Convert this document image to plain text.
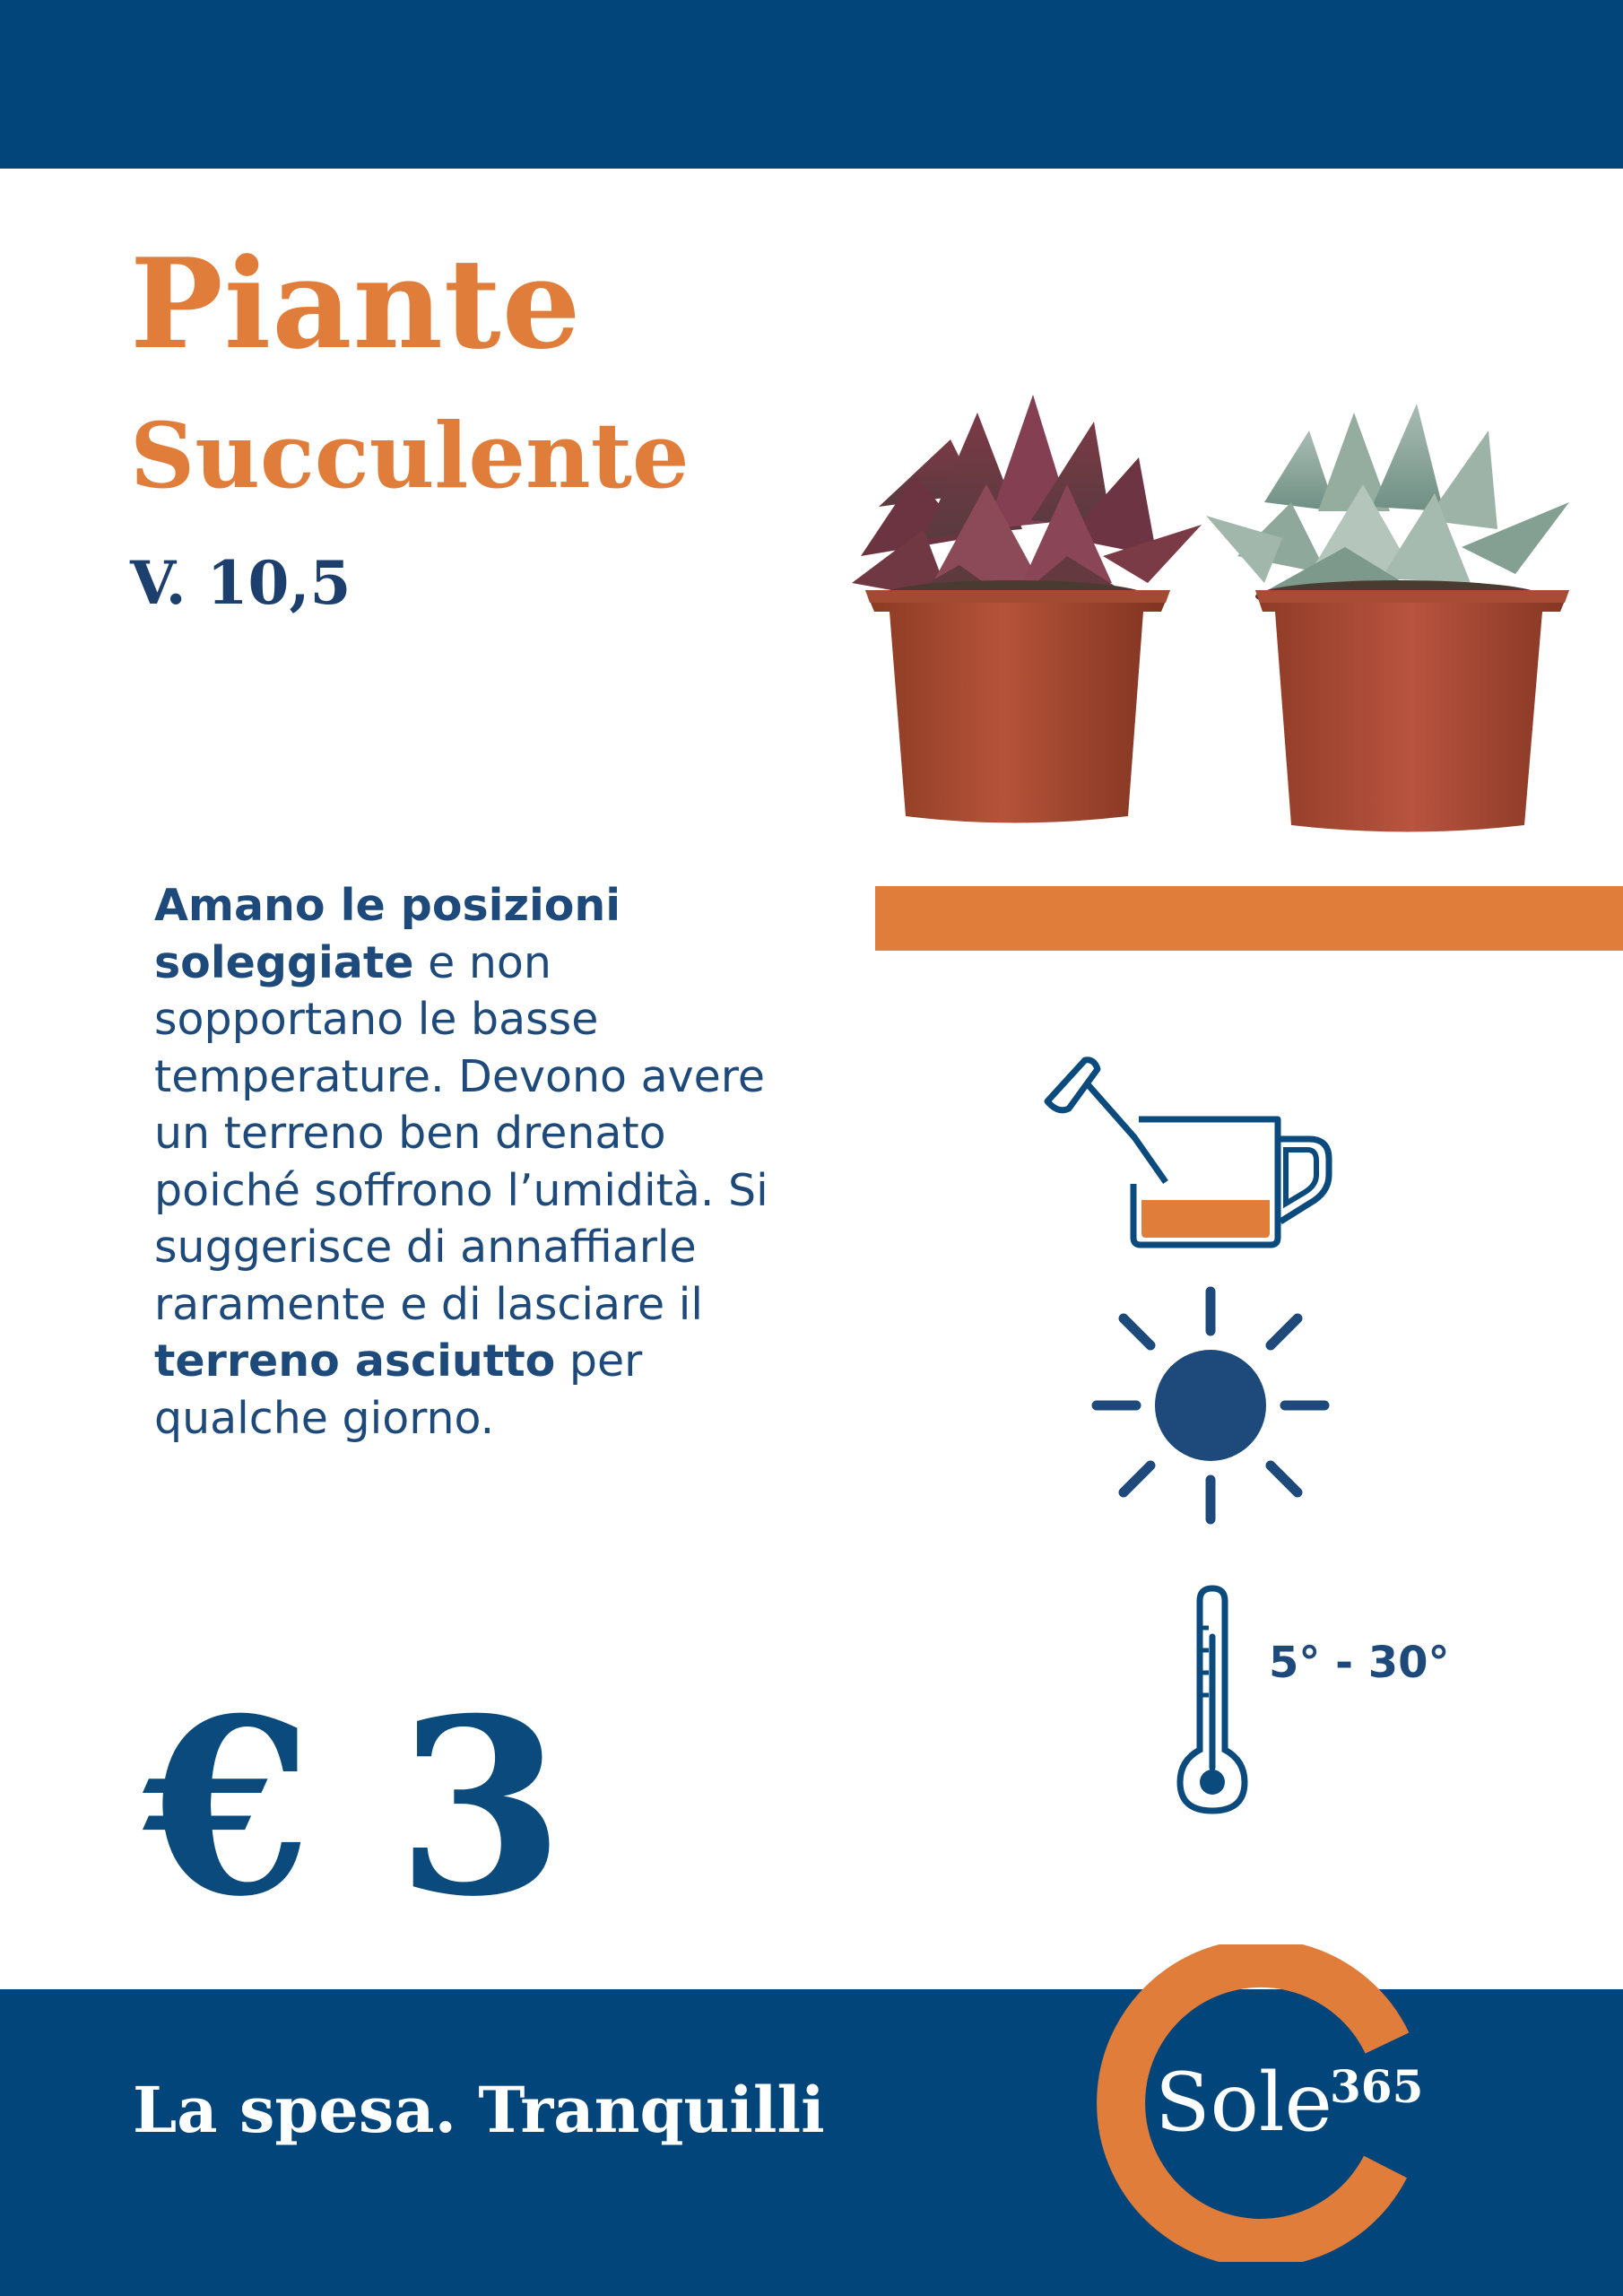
Piante
Succulente
V. 10,5

Amano le posizioni soleggiate e non sopportano le basse temperature. Devono avere un terreno ben drenato poiché soffrono l’umidità. Si suggerisce di annaffiarle raramente e di lasciare il terreno asciutto per qualche giorno.

5° - 30°
€ 3
La spesa. Tranquilli	Sole
365
